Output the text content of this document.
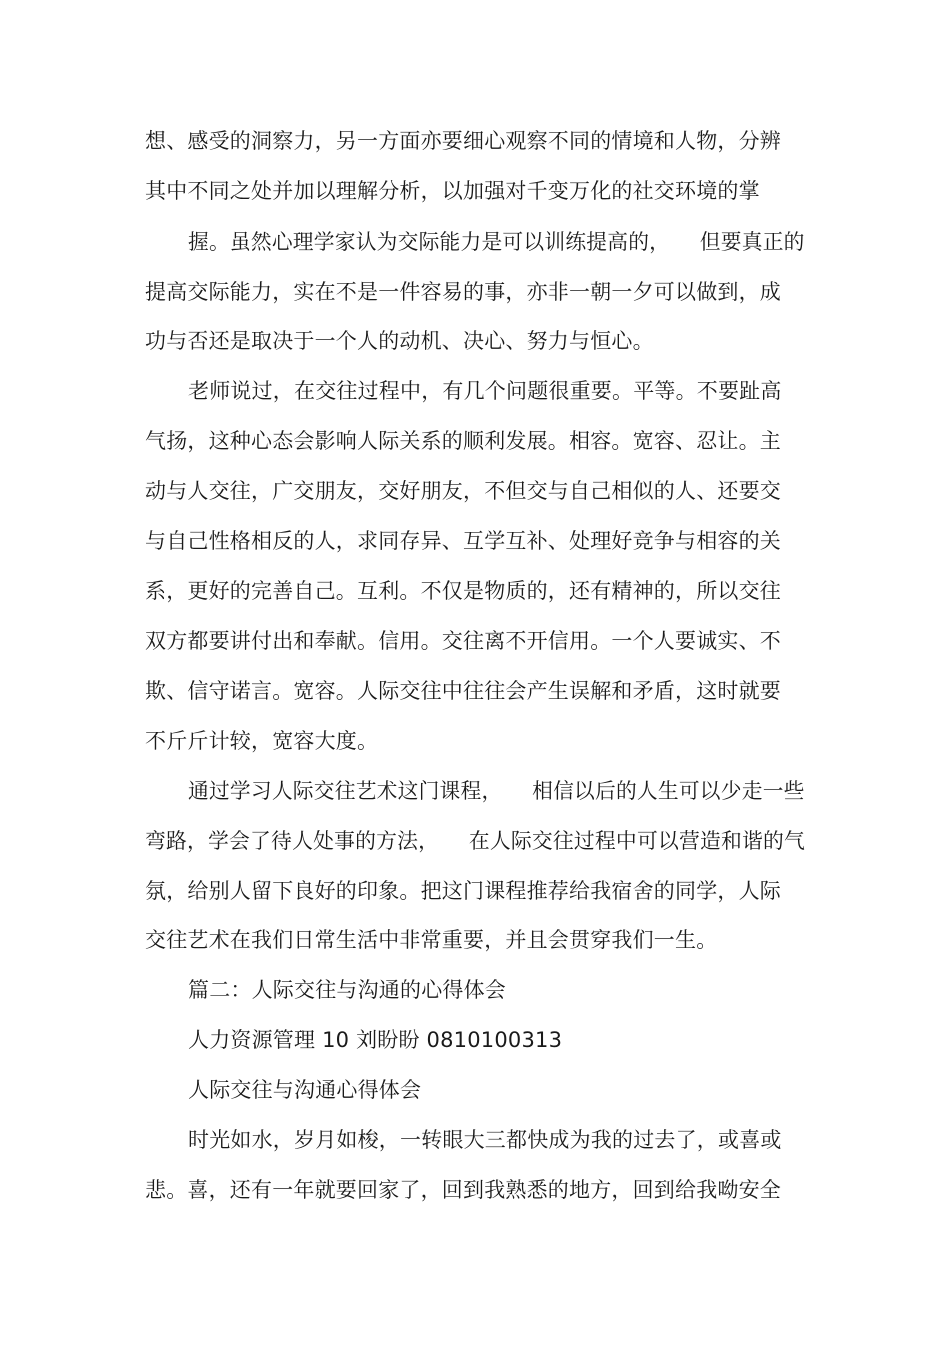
想、感受的洞察力，另一方面亦要细心观察不同的情境和人物，分辨

其中不同之处并加以理解分析，以加强对千变万化的社交环境的掌

握。虽然心理学家认为交际能力是可以训练提高的， 但要真正的

提高交际能力，实在不是一件容易的事，亦非一朝一夕可以做到，成

功与否还是取决于一个人的动机、决心、努力与恒心。

老师说过，在交往过程中，有几个问题很重要。平等。不要趾高

气扬，这种心态会影响人际关系的顺利发展。相容。宽容、忍让。主

动与人交往，广交朋友，交好朋友，不但交与自己相似的人、还要交

与自己性格相反的人，求同存异、互学互补、处理好竞争与相容的关

系，更好的完善自己。互利。不仅是物质的，还有精神的，所以交往

双方都要讲付出和奉献。信用。交往离不开信用。一个人要诚实、不

欺、信守诺言。宽容。人际交往中往往会产生误解和矛盾，这时就要

不斤斤计较，宽容大度。

通过学习人际交往艺术这门课程， 相信以后的人生可以少走一些

弯路，学会了待人处事的方法， 在人际交往过程中可以营造和谐的气

氛，给别人留下良好的印象。把这门课程推荐给我宿舍的同学，人际

交往艺术在我们日常生活中非常重要，并且会贯穿我们一生。

篇二：人际交往与沟通的心得体会

人力资源管理 10 刘盼盼 0810100313

人际交往与沟通心得体会

时光如水，岁月如梭，一转眼大三都快成为我的过去了，或喜或

悲。喜，还有一年就要回家了，回到我熟悉的地方，回到给我呦安全
